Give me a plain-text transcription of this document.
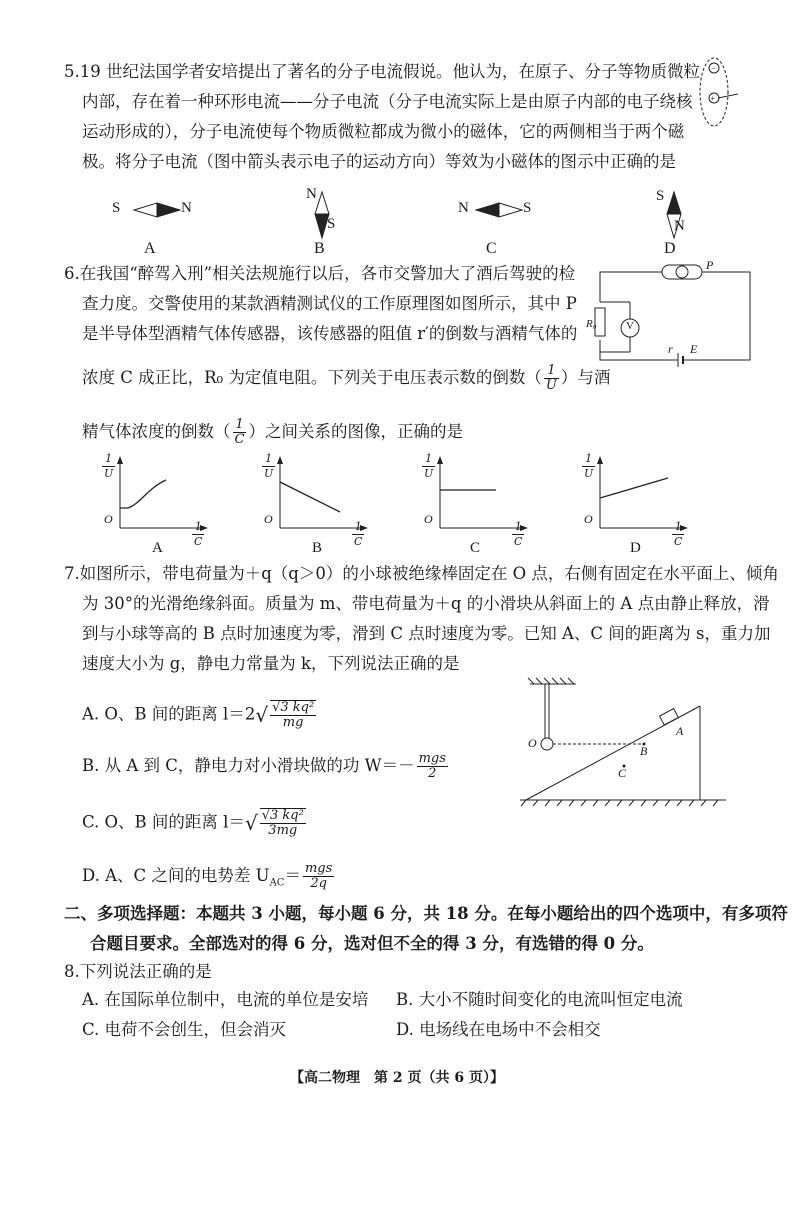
5.19 世纪法国学者安培提出了著名的分子电流假说。他认为，在原子、分子等物质微粒
内部，存在着一种环形电流——分子电流（分子电流实际上是由原子内部的电子绕核
运动形成的），分子电流使每个物质微粒都成为微小的磁体，它的两侧相当于两个磁
极。将分子电流（图中箭头表示电子的运动方向）等效为小磁体的图示中正确的是
−
+
S	N
A
N
S
B
N	S
C
S
N
D
6.在我国“醉驾入刑”相关法规施行以后，各市交警加大了酒后驾驶的检
查力度。交警使用的某款酒精测试仪的工作原理图如图所示，其中 P
是半导体型酒精气体传感器，该传感器的阻值 r′的倒数与酒精气体的
浓度 C 成正比，R₀ 为定值电阻。下列关于电压表示数的倒数（ $\frac{1}{U}$ ）与酒
精气体浓度的倒数（ $\frac{1}{C}$ ）之间关系的图像，正确的是
P
V
R₀
r E
$\frac{1}{U}$
O
$\frac{1}{C}$
A
$\frac{1}{U}$
O
$\frac{1}{C}$
B
$\frac{1}{U}$
O
$\frac{1}{C}$
C
$\frac{1}{U}$
O
$\frac{1}{C}$
D
7.如图所示，带电荷量为＋q（q＞0）的小球被绝缘棒固定在 O 点，右侧有固定在水平面上、倾角
为 30°的光滑绝缘斜面。质量为 m、带电荷量为＋q 的小滑块从斜面上的 A 点由静止释放，滑
到与小球等高的 B 点时加速度为零，滑到 C 点时速度为零。已知 A、C 间的距离为 s，重力加
速度大小为 g，静电力常量为 k，下列说法正确的是
A. O、B 间的距离 $l=2√ \frac{\text{√3 kq²}}{mg}$
B. 从 A 到 C，静电力对小滑块做的功 $W=- \frac{\text{mgs}}{2}$
C. O、B 间的距离 $l=√ \frac{\text{√3 kq²}}{3mg}$
D. A、C 之间的电势差 $U_{AC}= \frac{\text{mgs}}{2q}$
O
A
B
C
二、多项选择题：本题共 3 小题，每小题 6 分，共 18 分。在每小题给出的四个选项中，有多项符
合题目要求。全部选对的得 6 分，选对但不全的得 3 分，有选错的得 0 分。
8.下列说法正确的是
A. 在国际单位制中，电流的单位是安培 B. 大小不随时间变化的电流叫恒定电流
C. 电荷不会创生，但会消灭	D. 电场线在电场中不会相交
【高二物理　第 2 页（共 6 页）】
